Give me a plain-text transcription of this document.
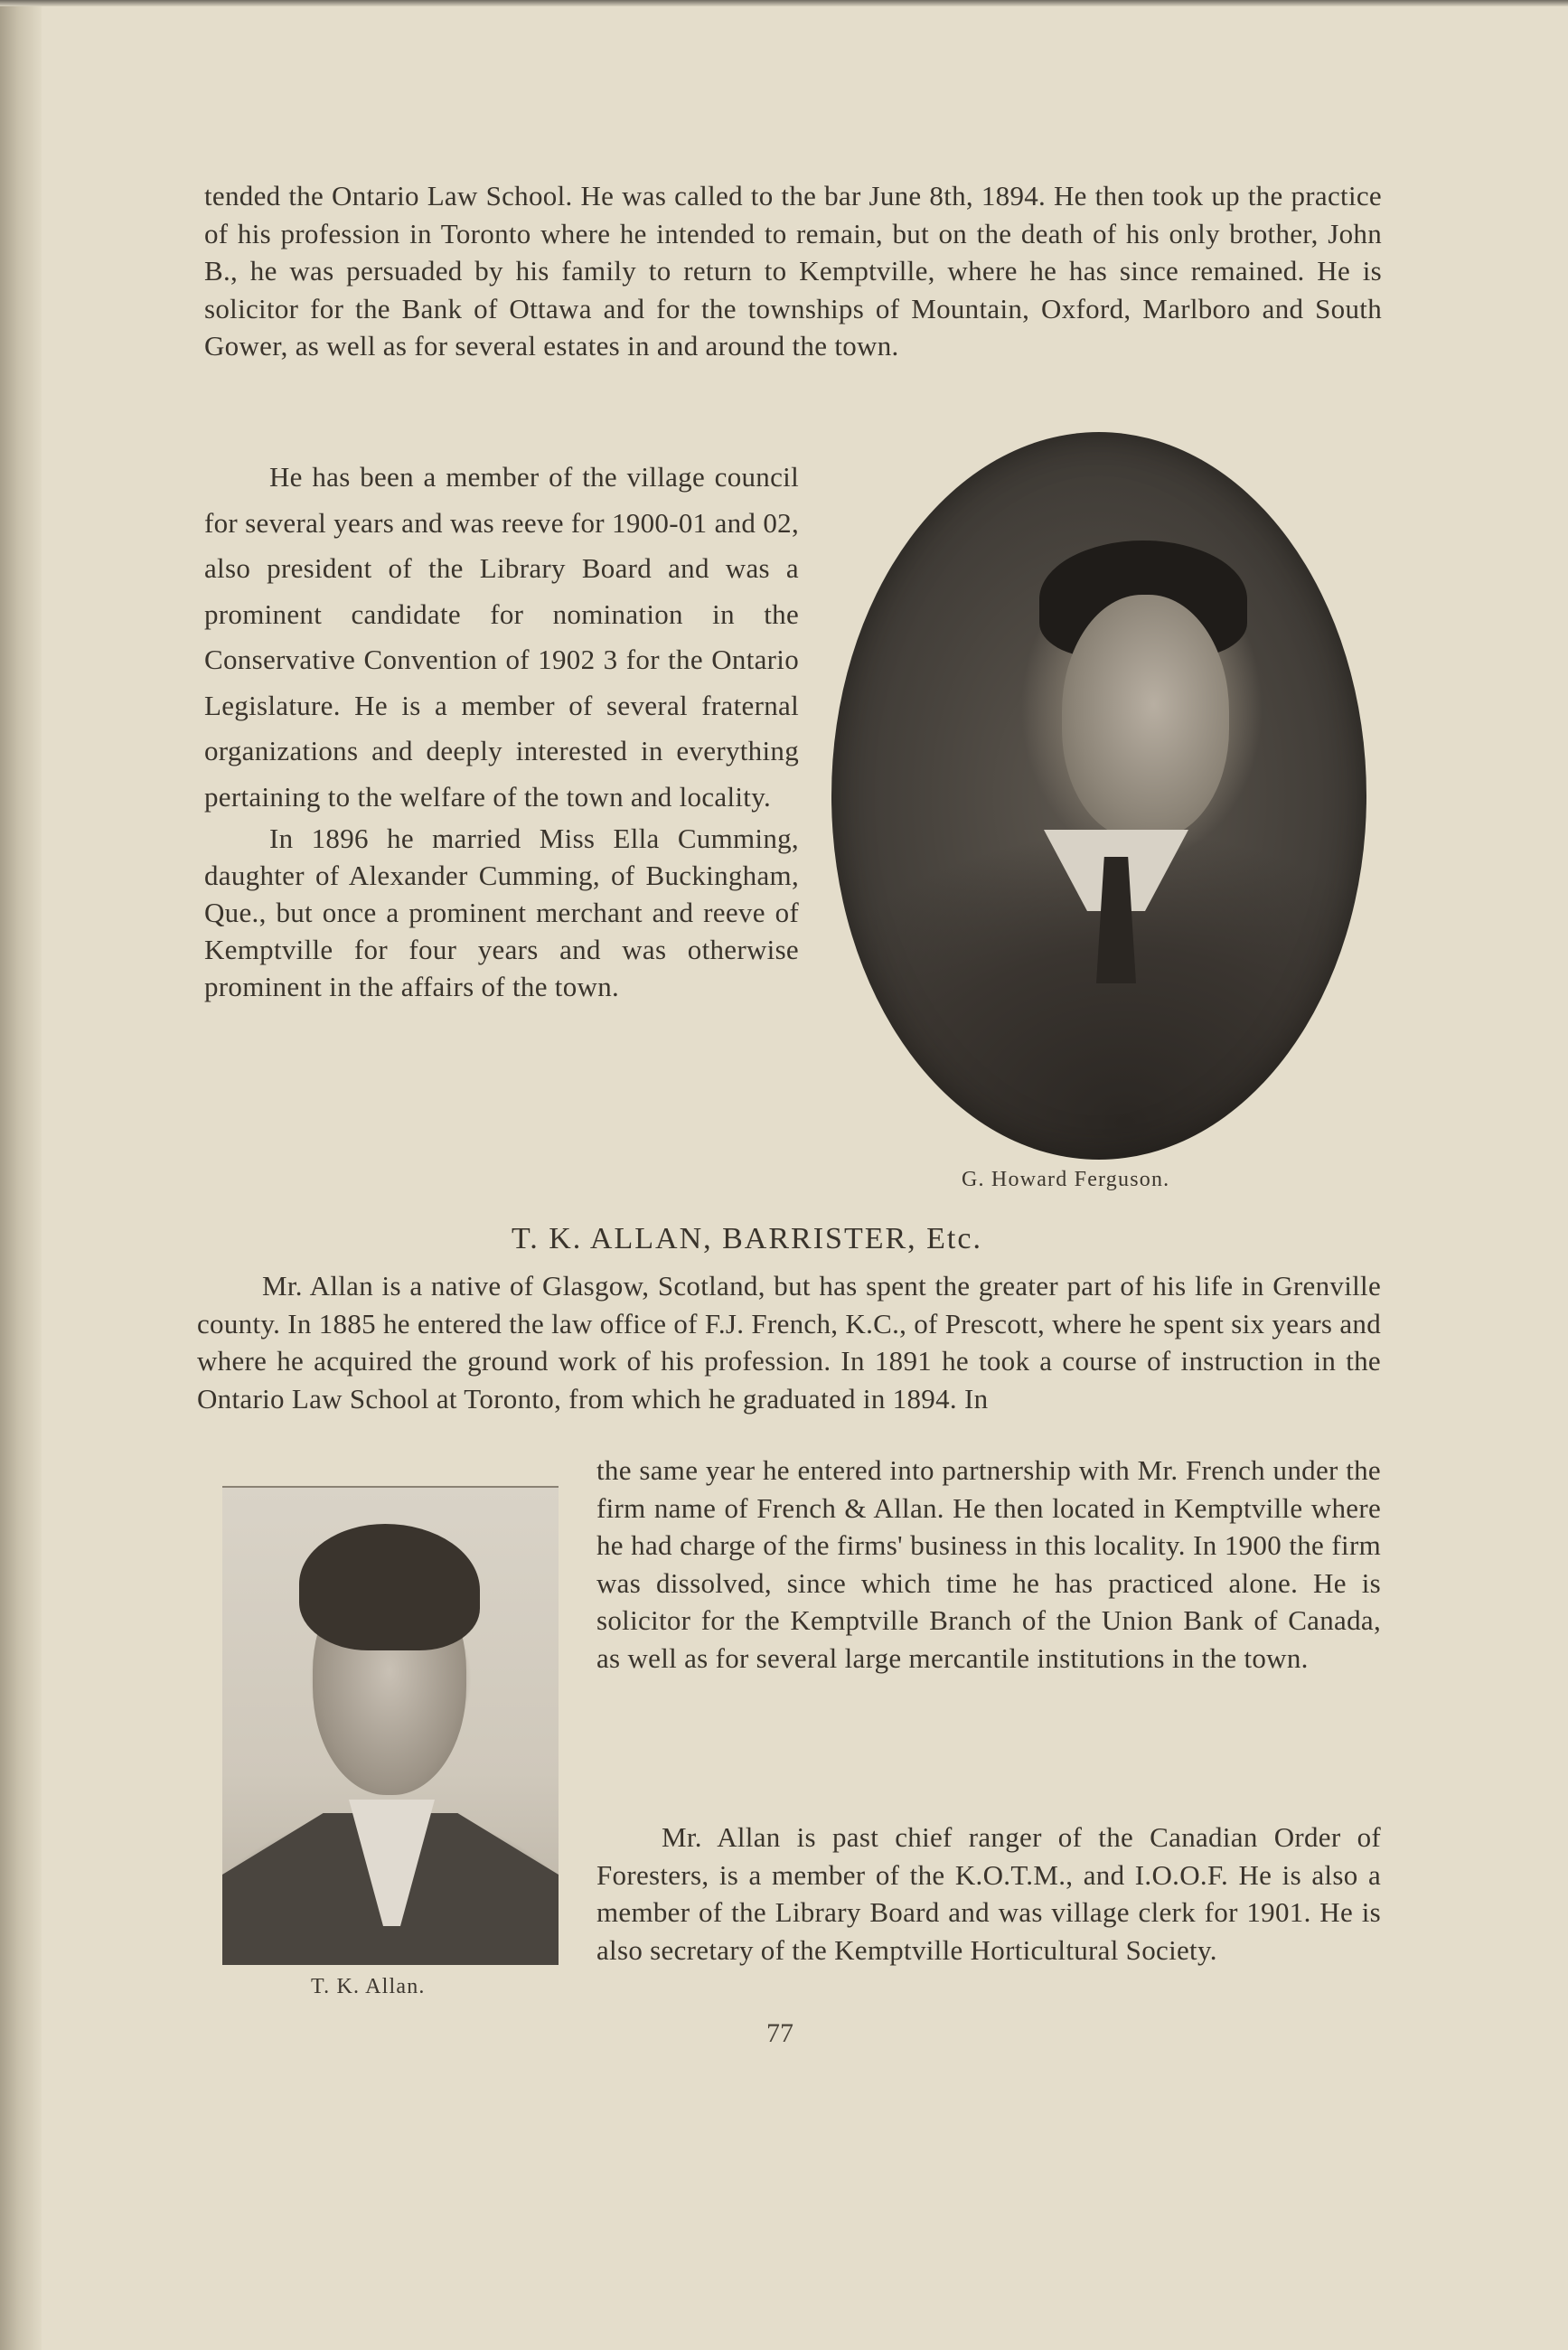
tended the Ontario Law School. He was called to the bar June 8th, 1894. He then took up the practice of his profession in Toronto where he intended to remain, but on the death of his only brother, John B., he was persuaded by his family to return to Kemptville, where he has since remained. He is solicitor for the Bank of Ottawa and for the townships of Mountain, Oxford, Marlboro and South Gower, as well as for several estates in and around the town.

He has been a member of the village council for several years and was reeve for 1900-01 and 02, also president of the Library Board and was a prominent candidate for nomination in the Conservative Convention of 1902 3 for the Ontario Legislature. He is a member of several fraternal organizations and deeply interested in everything pertaining to the welfare of the town and locality.

In 1896 he married Miss Ella Cumming, daughter of Alexander Cumming, of Buckingham, Que., but once a prominent merchant and reeve of Kemptville for four years and was otherwise prominent in the affairs of the town.

G. Howard Ferguson.
T. K. ALLAN, BARRISTER, Etc.
Mr. Allan is a native of Glasgow, Scotland, but has spent the greater part of his life in Grenville county. In 1885 he entered the law office of F.J. French, K.C., of Prescott, where he spent six years and where he acquired the ground work of his profession. In 1891 he took a course of instruction in the Ontario Law School at Toronto, from which he graduated in 1894. In
the same year he entered into partnership with Mr. French under the firm name of French & Allan. He then located in Kemptville where he had charge of the firms' business in this locality. In 1900 the firm was dissolved, since which time he has practiced alone. He is solicitor for the Kemptville Branch of the Union Bank of Canada, as well as for several large mercantile institutions in the town.
Mr. Allan is past chief ranger of the Canadian Order of Foresters, is a member of the K.O.T.M., and I.O.O.F. He is also a member of the Library Board and was village clerk for 1901. He is also secretary of the Kemptville Horticultural Society.
T. K. Allan.
77
